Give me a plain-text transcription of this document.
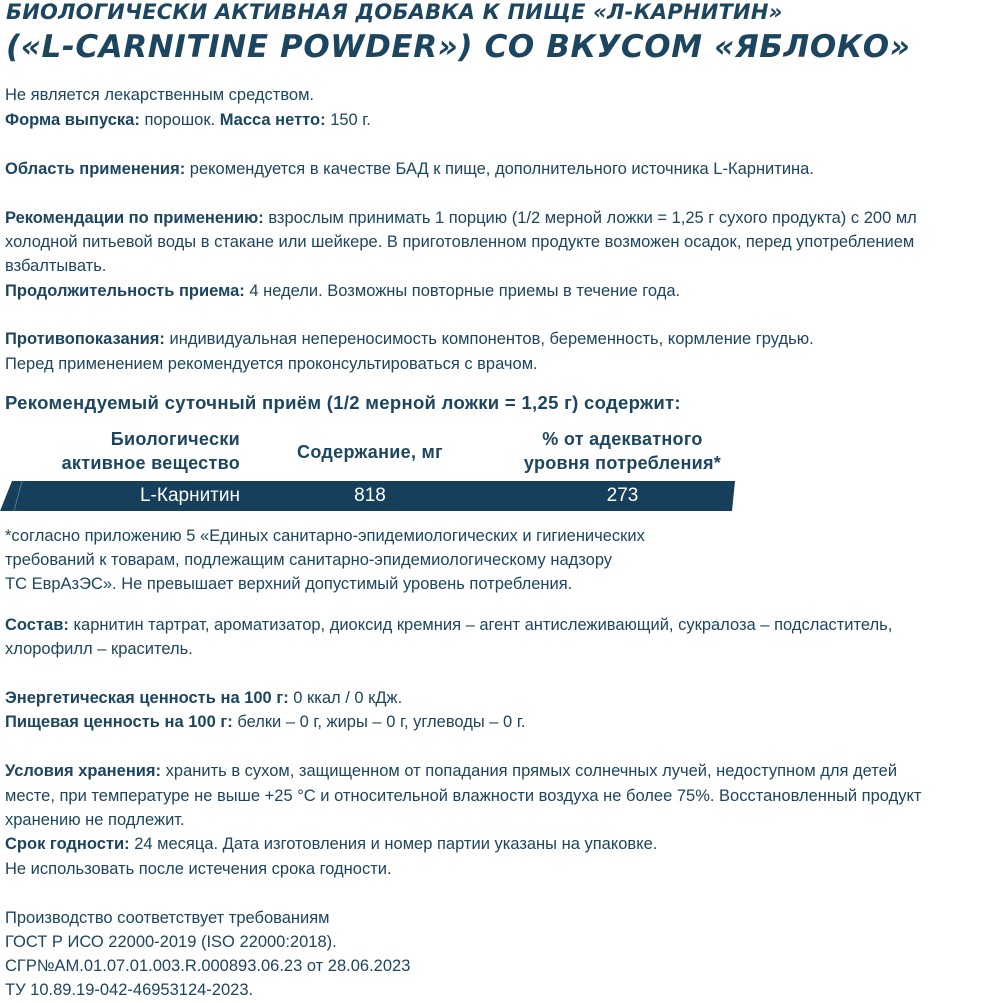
БИОЛОГИЧЕСКИ АКТИВНАЯ ДОБАВКА К ПИЩЕ «Л-КАРНИТИН»
(«L-CARNITINE POWDER») СО ВКУСОМ «ЯБЛОКО»
Не является лекарственным средством.
Форма выпуска: порошок. Масса нетто: 150 г.
Область применения: рекомендуется в качестве БАД к пище, дополнительного источника L-Карнитина.
Рекомендации по применению: взрослым принимать 1 порцию (1/2 мерной ложки = 1,25 г сухого продукта) с 200 мл
холодной питьевой воды в стакане или шейкере. В приготовленном продукте возможен осадок, перед употреблением
взбалтывать.
Продолжительность приема: 4 недели. Возможны повторные приемы в течение года.
Противопоказания: индивидуальная непереносимость компонентов, беременность, кормление грудью.
Перед применением рекомендуется проконсультироваться с врачом.
Рекомендуемый суточный приём (1/2 мерной ложки = 1,25 г) содержит:
Биологически
активное вещество
Содержание, мг
% от адекватного
уровня потребления*
L-Карнитин	818	273
*согласно приложению 5 «Единых санитарно-эпидемиологических и гигиенических
требований к товарам, подлежащим санитарно-эпидемиологическому надзору
ТС ЕврАзЭС». Не превышает верхний допустимый уровень потребления.
Состав: карнитин тартрат, ароматизатор, диоксид кремния – агент антислеживающий, сукралоза – подсластитель,
хлорофилл – краситель.
Энергетическая ценность на 100 г: 0 ккал / 0 кДж.
Пищевая ценность на 100 г: белки – 0 г, жиры – 0 г, углеводы – 0 г.
Условия хранения: хранить в сухом, защищенном от попадания прямых солнечных лучей, недоступном для детей
месте, при температуре не выше +25 °С и относительной влажности воздуха не более 75%. Восстановленный продукт
хранению не подлежит.
Срок годности: 24 месяца. Дата изготовления и номер партии указаны на упаковке.
Не использовать после истечения срока годности.
Производство соответствует требованиям
ГОСТ Р ИСО 22000-2019 (ISO 22000:2018).
СГР№AM.01.07.01.003.R.000893.06.23 от 28.06.2023
ТУ 10.89.19-042-46953124-2023.
